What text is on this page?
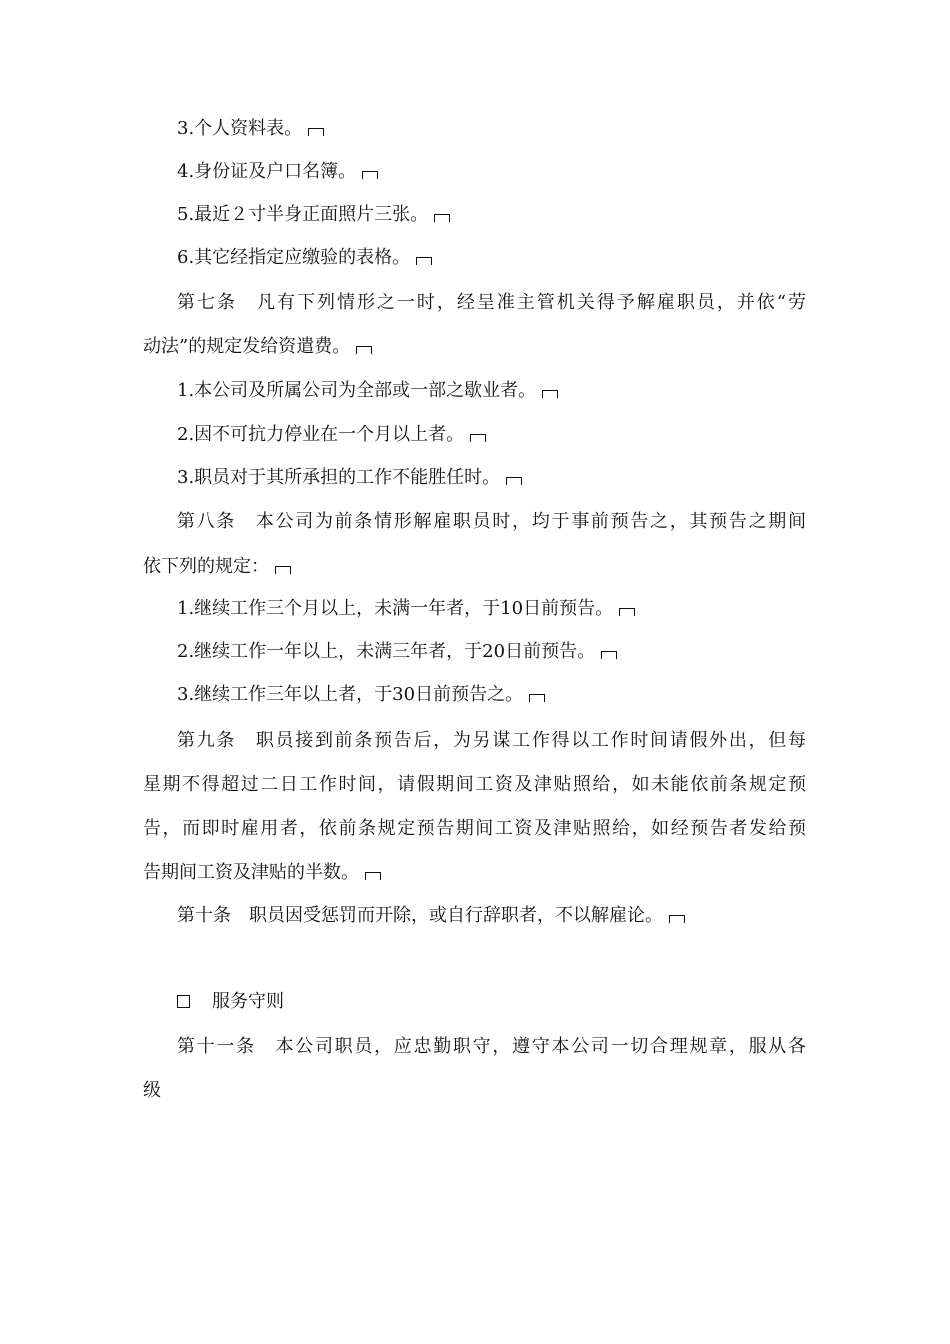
3.个人资料表。
4.身份证及户口名簿。
5.最近２寸半身正面照片三张。
6.其它经指定应缴验的表格。
第七条　凡有下列情形之一时，经呈准主管机关得予解雇职员，并依“劳
动法”的规定发给资遣费。
1.本公司及所属公司为全部或一部之歇业者。
2.因不可抗力停业在一个月以上者。
3.职员对于其所承担的工作不能胜任时。
第八条　本公司为前条情形解雇职员时，均于事前预告之，其预告之期间
依下列的规定：
1.继续工作三个月以上，未满一年者，于10日前预告。
2.继续工作一年以上，未满三年者，于20日前预告。
3.继续工作三年以上者，于30日前预告之。
第九条　职员接到前条预告后，为另谋工作得以工作时间请假外出，但每
星期不得超过二日工作时间，请假期间工资及津贴照给，如未能依前条规定预
告，而即时雇用者，依前条规定预告期间工资及津贴照给，如经预告者发给预
告期间工资及津贴的半数。
第十条　职员因受惩罚而开除，或自行辞职者，不以解雇论。
服务守则
第十一条　本公司职员，应忠勤职守，遵守本公司一切合理规章，服从各
级
